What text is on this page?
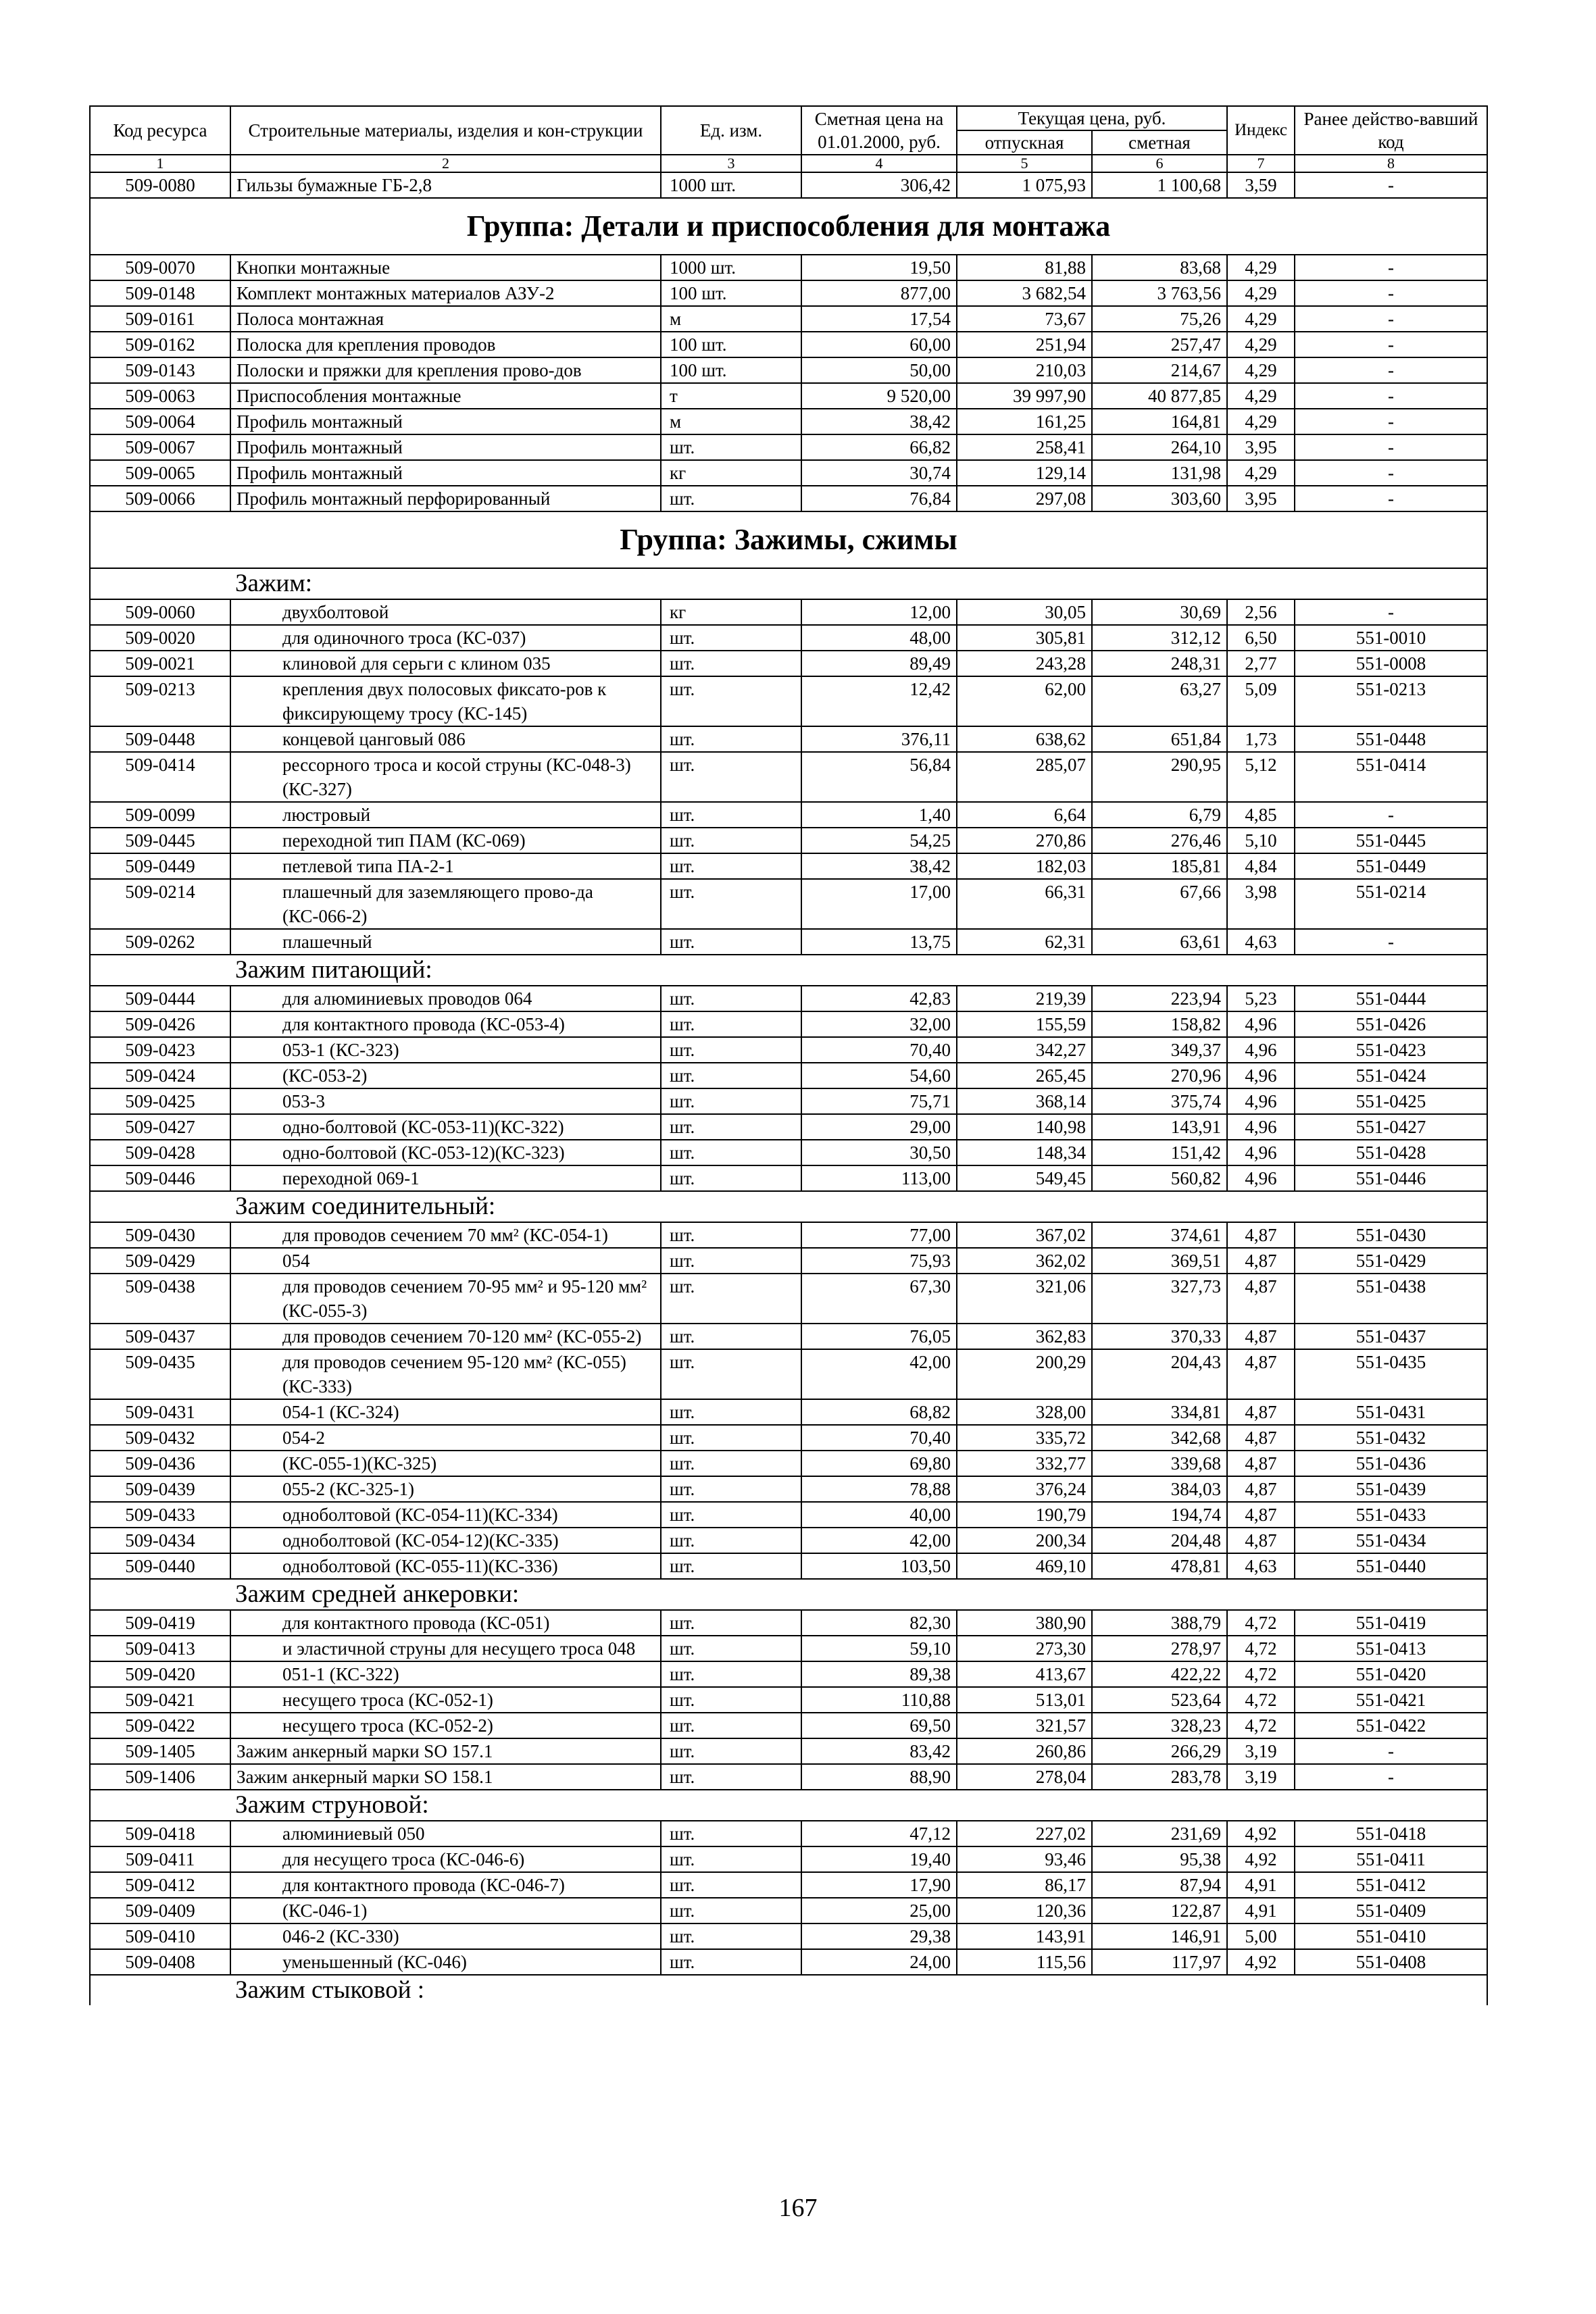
Код ресурса	Строительные материалы, изделия и кон-струкции	Ед. изм.	Сметная цена на 01.01.2000, руб.	Текущая цена, руб.		Индекс	Ранее действо-вавший код
				отпускная	сметная		
1	2	3	4	5	6	7	8
509-0080	Гильзы бумажные ГБ-2,8	1000 шт.	306,42	1 075,93	1 100,68	3,59	-
Группа: Детали и приспособления для монтажа							
509-0070	Кнопки монтажные	1000 шт.	19,50	81,88	83,68	4,29	-
509-0148	Комплект монтажных материалов АЗУ-2	100 шт.	877,00	3 682,54	3 763,56	4,29	-
509-0161	Полоса монтажная	м	17,54	73,67	75,26	4,29	-
509-0162	Полоска для крепления проводов	100 шт.	60,00	251,94	257,47	4,29	-
509-0143	Полоски и пряжки для крепления прово-дов	100 шт.	50,00	210,03	214,67	4,29	-
509-0063	Приспособления монтажные	т	9 520,00	39 997,90	40 877,85	4,29	-
509-0064	Профиль монтажный	м	38,42	161,25	164,81	4,29	-
509-0067	Профиль монтажный	шт.	66,82	258,41	264,10	3,95	-
509-0065	Профиль монтажный	кг	30,74	129,14	131,98	4,29	-
509-0066	Профиль монтажный перфорированный	шт.	76,84	297,08	303,60	3,95	-
Группа: Зажимы, сжимы							
Зажим:							
509-0060	двухболтовой	кг	12,00	30,05	30,69	2,56	-
509-0020	для одиночного троса (КС-037)	шт.	48,00	305,81	312,12	6,50	551-0010
509-0021	клиновой для серьги с клином 035	шт.	89,49	243,28	248,31	2,77	551-0008
509-0213	крепления двух полосовых фиксато-ров к фиксирующему тросу (КС-145)	шт.	12,42	62,00	63,27	5,09	551-0213
509-0448	концевой цанговый 086	шт.	376,11	638,62	651,84	1,73	551-0448
509-0414	рессорного троса и косой струны (КС-048-3) (КС-327)	шт.	56,84	285,07	290,95	5,12	551-0414
509-0099	люстровый	шт.	1,40	6,64	6,79	4,85	-
509-0445	переходной тип ПАМ (КС-069)	шт.	54,25	270,86	276,46	5,10	551-0445
509-0449	петлевой типа ПА-2-1	шт.	38,42	182,03	185,81	4,84	551-0449
509-0214	плашечный для заземляющего прово-да (КС-066-2)	шт.	17,00	66,31	67,66	3,98	551-0214
509-0262	плашечный	шт.	13,75	62,31	63,61	4,63	-
Зажим питающий:							
509-0444	для алюминиевых проводов 064	шт.	42,83	219,39	223,94	5,23	551-0444
509-0426	для контактного провода (КС-053-4)	шт.	32,00	155,59	158,82	4,96	551-0426
509-0423	053-1 (КС-323)	шт.	70,40	342,27	349,37	4,96	551-0423
509-0424	(КС-053-2)	шт.	54,60	265,45	270,96	4,96	551-0424
509-0425	053-3	шт.	75,71	368,14	375,74	4,96	551-0425
509-0427	одно-болтовой (КС-053-11)(КС-322)	шт.	29,00	140,98	143,91	4,96	551-0427
509-0428	одно-болтовой (КС-053-12)(КС-323)	шт.	30,50	148,34	151,42	4,96	551-0428
509-0446	переходной 069-1	шт.	113,00	549,45	560,82	4,96	551-0446
Зажим соединительный:							
509-0430	для проводов сечением 70 мм² (КС-054-1)	шт.	77,00	367,02	374,61	4,87	551-0430
509-0429	054	шт.	75,93	362,02	369,51	4,87	551-0429
509-0438	для проводов сечением 70-95 мм² и 95-120 мм² (КС-055-3)	шт.	67,30	321,06	327,73	4,87	551-0438
509-0437	для проводов сечением 70-120 мм² (КС-055-2)	шт.	76,05	362,83	370,33	4,87	551-0437
509-0435	для проводов сечением 95-120 мм² (КС-055)(КС-333)	шт.	42,00	200,29	204,43	4,87	551-0435
509-0431	054-1 (КС-324)	шт.	68,82	328,00	334,81	4,87	551-0431
509-0432	054-2	шт.	70,40	335,72	342,68	4,87	551-0432
509-0436	(КС-055-1)(КС-325)	шт.	69,80	332,77	339,68	4,87	551-0436
509-0439	055-2 (КС-325-1)	шт.	78,88	376,24	384,03	4,87	551-0439
509-0433	одноболтовой (КС-054-11)(КС-334)	шт.	40,00	190,79	194,74	4,87	551-0433
509-0434	одноболтовой (КС-054-12)(КС-335)	шт.	42,00	200,34	204,48	4,87	551-0434
509-0440	одноболтовой (КС-055-11)(КС-336)	шт.	103,50	469,10	478,81	4,63	551-0440
Зажим средней анкеровки:							
509-0419	для контактного провода (КС-051)	шт.	82,30	380,90	388,79	4,72	551-0419
509-0413	и эластичной струны для несущего троса 048	шт.	59,10	273,30	278,97	4,72	551-0413
509-0420	051-1 (КС-322)	шт.	89,38	413,67	422,22	4,72	551-0420
509-0421	несущего троса (КС-052-1)	шт.	110,88	513,01	523,64	4,72	551-0421
509-0422	несущего троса (КС-052-2)	шт.	69,50	321,57	328,23	4,72	551-0422
509-1405	Зажим анкерный марки SO 157.1	шт.	83,42	260,86	266,29	3,19	-
509-1406	Зажим анкерный марки SO 158.1	шт.	88,90	278,04	283,78	3,19	-
Зажим струновой:							
509-0418	алюминиевый 050	шт.	47,12	227,02	231,69	4,92	551-0418
509-0411	для несущего троса (КС-046-6)	шт.	19,40	93,46	95,38	4,92	551-0411
509-0412	для контактного провода (КС-046-7)	шт.	17,90	86,17	87,94	4,91	551-0412
509-0409	(КС-046-1)	шт.	25,00	120,36	122,87	4,91	551-0409
509-0410	046-2 (КС-330)	шт.	29,38	143,91	146,91	5,00	551-0410
509-0408	уменьшенный (КС-046)	шт.	24,00	115,56	117,97	4,92	551-0408
Зажим стыковой :							
167
